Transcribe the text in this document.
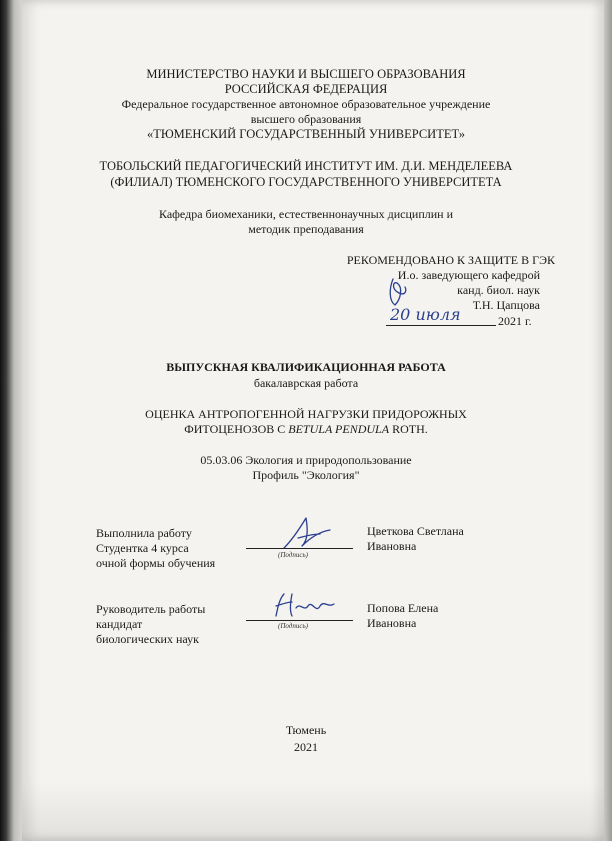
МИНИСТЕРСТВО НАУКИ И ВЫСШЕГО ОБРАЗОВАНИЯ
РОССИЙСКАЯ ФЕДЕРАЦИЯ
Федеральное государственное автономное образовательное учреждение
высшего образования
«ТЮМЕНСКИЙ ГОСУДАРСТВЕННЫЙ УНИВЕРСИТЕТ»
ТОБОЛЬСКИЙ ПЕДАГОГИЧЕСКИЙ ИНСТИТУТ ИМ. Д.И. МЕНДЕЛЕЕВА
(ФИЛИАЛ) ТЮМЕНСКОГО ГОСУДАРСТВЕННОГО УНИВЕРСИТЕТА
Кафедра биомеханики, естественнонаучных дисциплин и
методик преподавания
РЕКОМЕНДОВАНО К ЗАЩИТЕ В ГЭК
И.о. заведующего кафедрой
канд. биол. наук
Т.Н. Цапцова
20 июля	2021 г.
ВЫПУСКНАЯ КВАЛИФИКАЦИОННАЯ РАБОТА
бакалаврская работа
ОЦЕНКА АНТРОПОГЕННОЙ НАГРУЗКИ ПРИДОРОЖНЫХ
ФИТОЦЕНОЗОВ С BETULA PENDULA ROTH.
05.03.06 Экология и природопользование
Профиль "Экология"
Выполнила работу
Студентка 4 курса
очной формы обучения
(Подпись)
Цветкова Светлана
Ивановна
Руководитель работы
кандидат
биологических наук
(Подпись)
Попова Елена
Ивановна
Тюмень
2021
